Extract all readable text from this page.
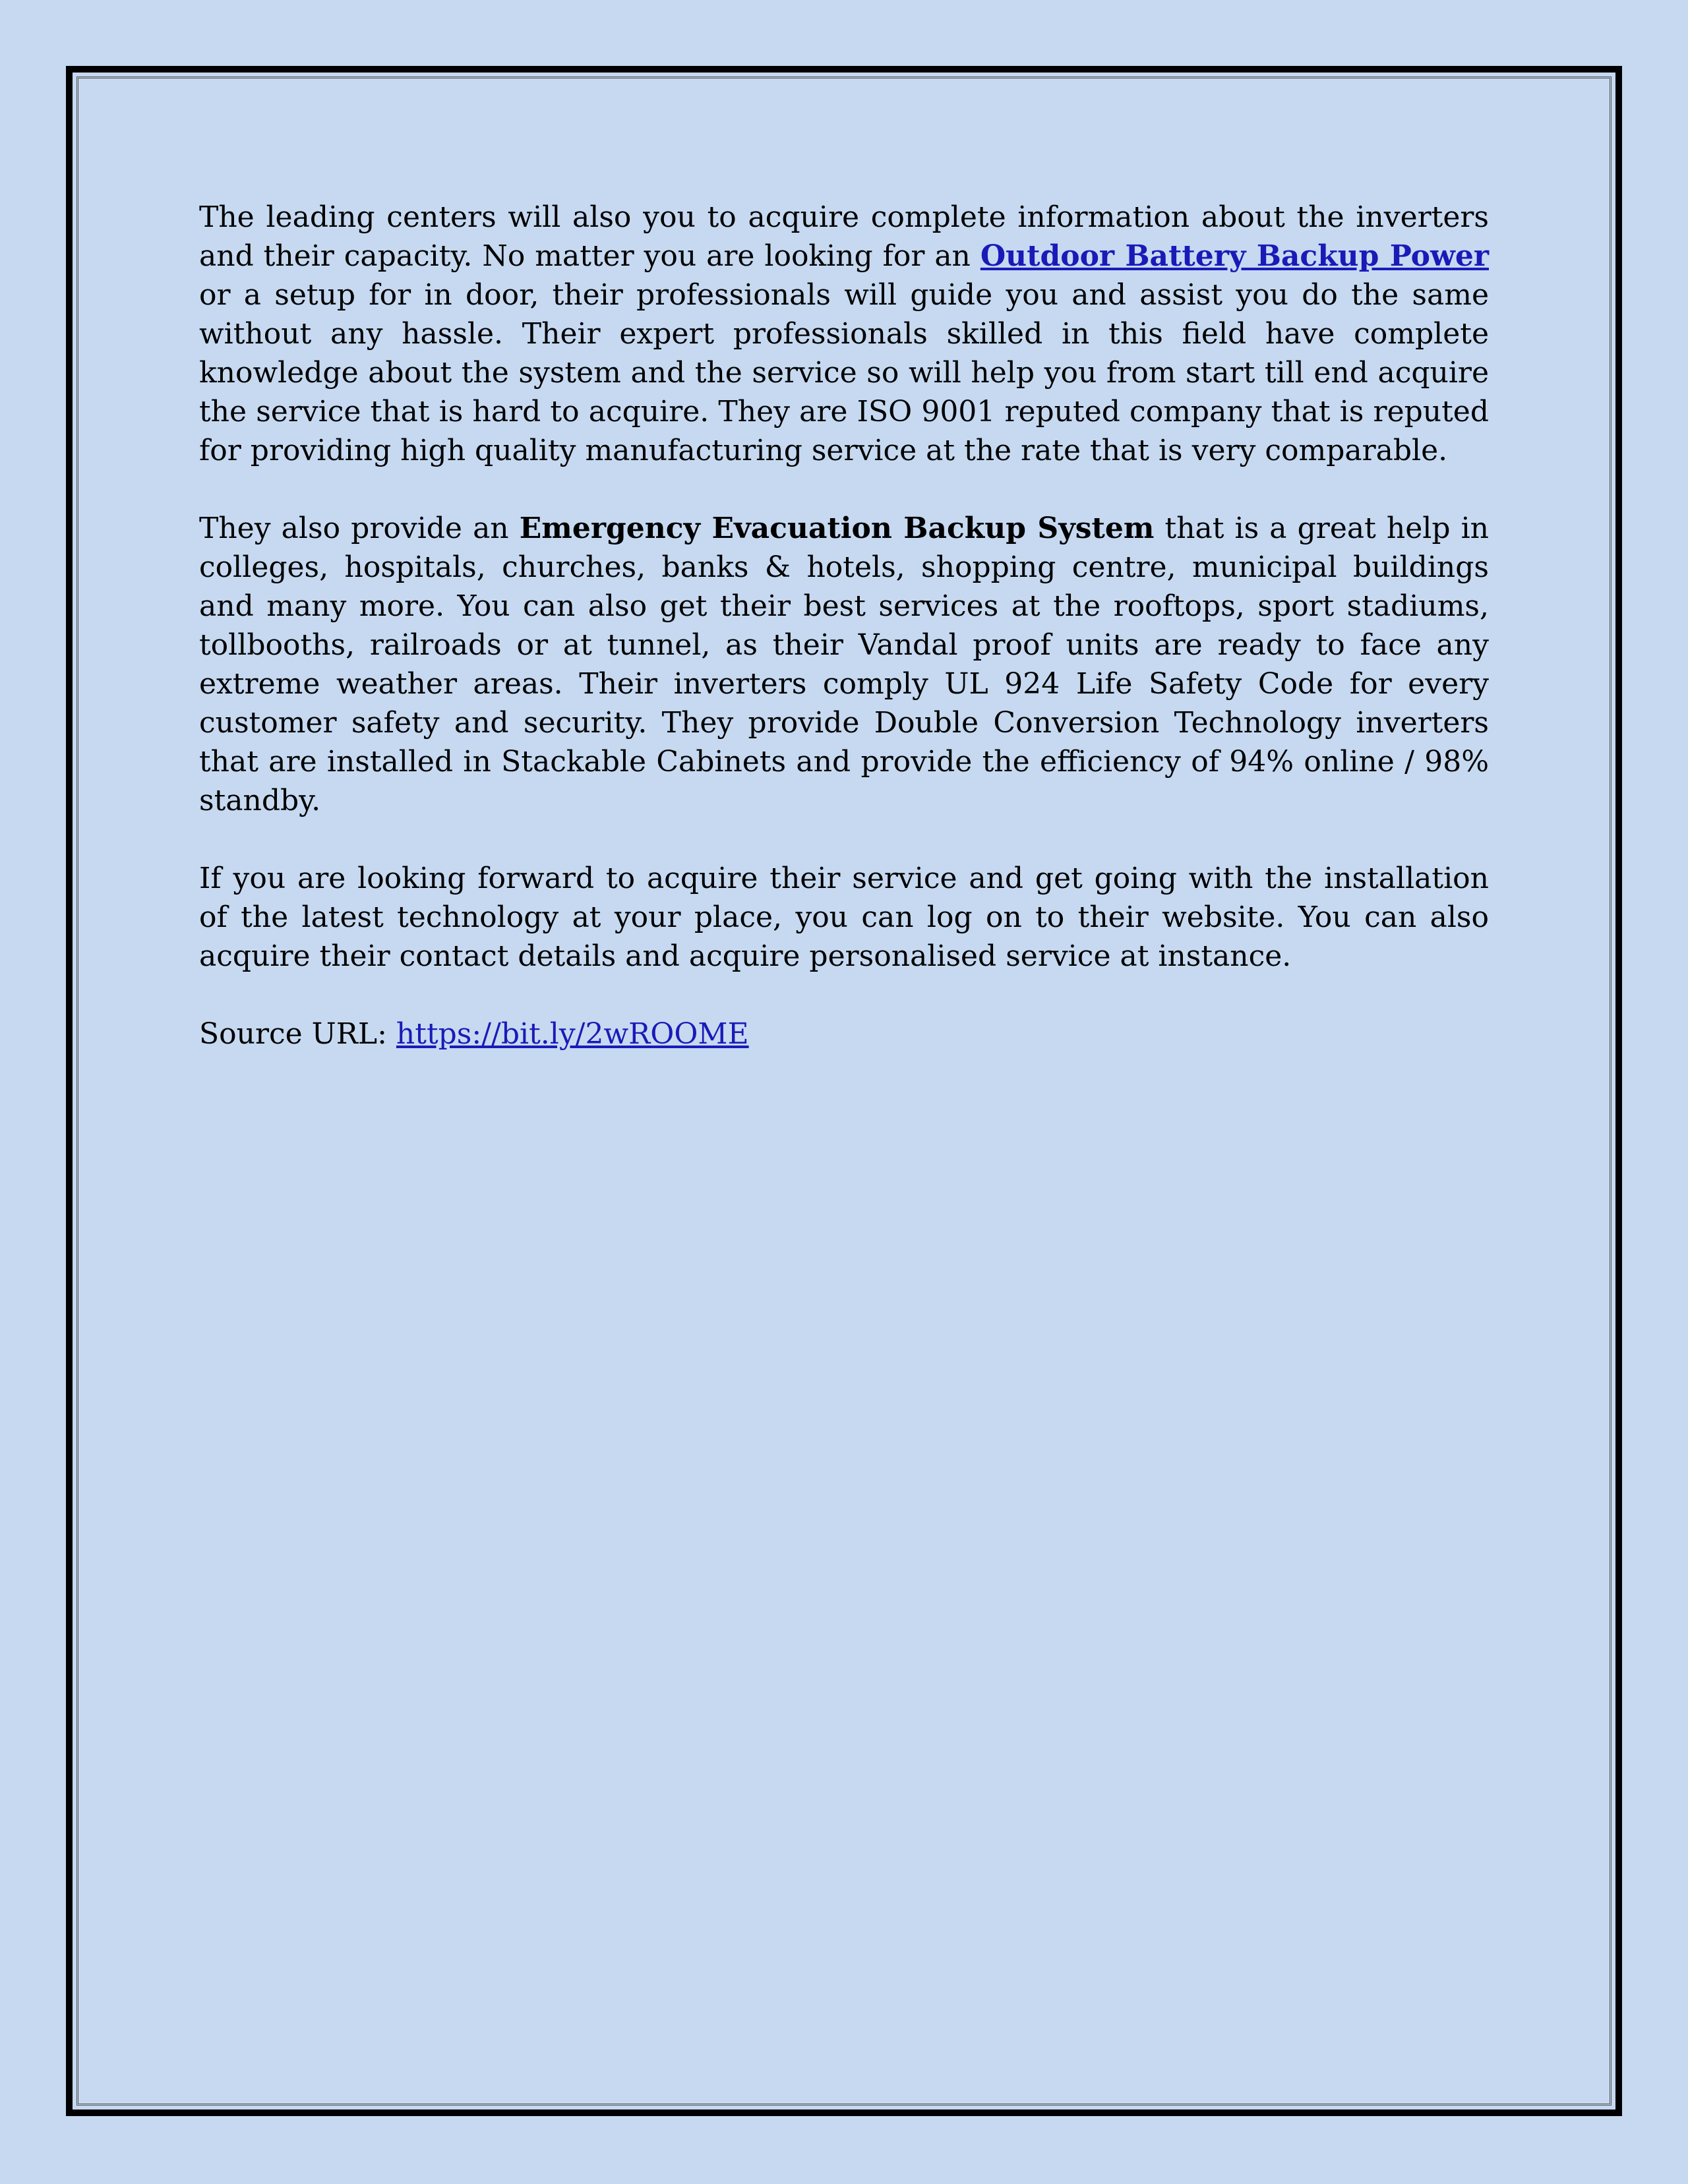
The leading centers will also you to acquire complete information about the inverters and their capacity. No matter you are looking for an Outdoor Battery Backup Power or a setup for in door, their professionals will guide you and assist you do the same without any hassle. Their expert professionals skilled in this field have complete knowledge about the system and the service so will help you from start till end acquire the service that is hard to acquire. They are ISO 9001 reputed company that is reputed for providing high quality manufacturing service at the rate that is very comparable.

They also provide an Emergency Evacuation Backup System that is a great help in colleges, hospitals, churches, banks & hotels, shopping centre, municipal buildings and many more. You can also get their best services at the rooftops, sport stadiums, tollbooths, railroads or at tunnel, as their Vandal proof units are ready to face any extreme weather areas. Their inverters comply UL 924 Life Safety Code for every customer safety and security. They provide Double Conversion Technology inverters that are installed in Stackable Cabinets and provide the efficiency of 94% online / 98% standby.

If you are looking forward to acquire their service and get going with the installation of the latest technology at your place, you can log on to their website. You can also acquire their contact details and acquire personalised service at instance.

Source URL: https://bit.ly/2wROOME
